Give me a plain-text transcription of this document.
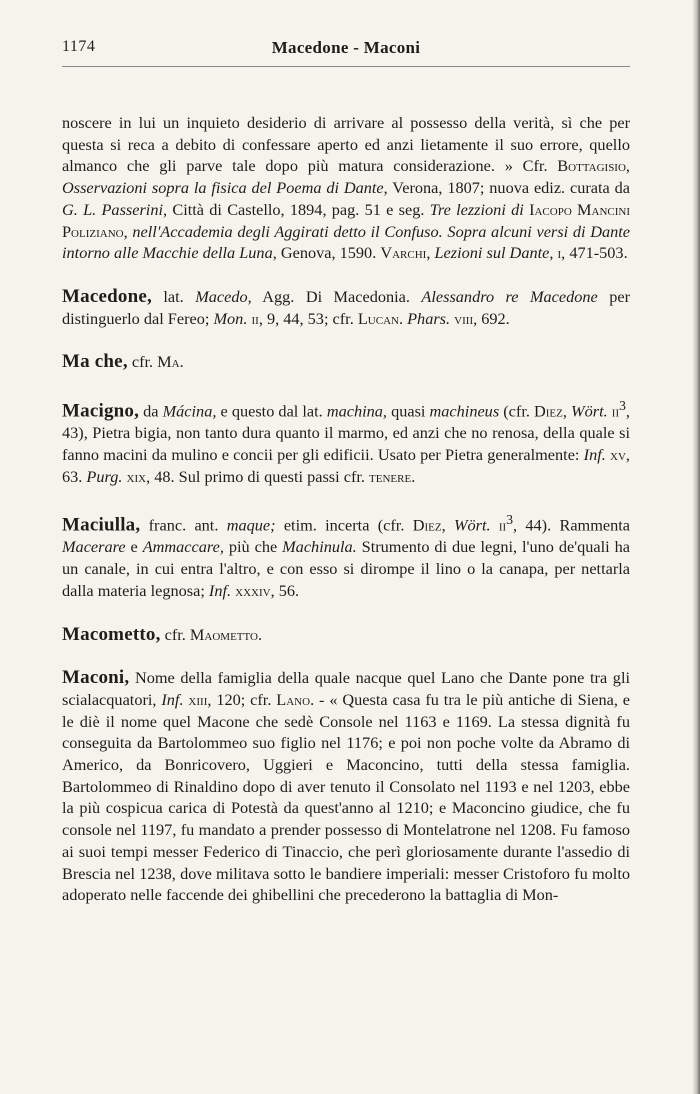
1174	Macedone - Maconi

noscere in lui un inquieto desiderio di arrivare al possesso della verità, sì che per questa si reca a debito di confessare aperto ed anzi lietamente il suo errore, quello almanco che gli parve tale dopo più matura considerazione. » Cfr. Bottagisio, Osservazioni sopra la fisica del Poema di Dante, Verona, 1807; nuova ediz. curata da G. L. Passerini, Città di Castello, 1894, pag. 51 e seg. Tre lezzioni di Iacopo Mancini Poliziano, nell'Accademia degli Aggirati detto il Confuso. Sopra alcuni versi di Dante intorno alle Macchie della Luna, Genova, 1590. Varchi, Lezioni sul Dante, i, 471-503.

Macedone, lat. Macedo, Agg. Di Macedonia. Alessandro re Macedone per distinguerlo dal Fereo; Mon. ii, 9, 44, 53; cfr. Lucan. Phars. viii, 692.

Ma che, cfr. Ma.

Macigno, da Mácina, e questo dal lat. machina, quasi machineus (cfr. Diez, Wört. $ii^3$, 43), Pietra bigia, non tanto dura quanto il marmo, ed anzi che no renosa, della quale si fanno macini da mulino e concii per gli edificii. Usato per Pietra generalmente: Inf. xv, 63. Purg. xix, 48. Sul primo di questi passi cfr. tenere.

Maciulla, franc. ant. maque; etim. incerta (cfr. Diez, Wört. $ii^3$, 44). Rammenta Macerare e Ammaccare, più che Machinula. Strumento di due legni, l'uno de'quali ha un canale, in cui entra l'altro, e con esso si dirompe il lino o la canapa, per nettarla dalla materia legnosa; Inf. xxxiv, 56.

Macometto, cfr. Maometto.

Maconi, Nome della famiglia della quale nacque quel Lano che Dante pone tra gli scialacquatori, Inf. xiii, 120; cfr. Lano. - « Questa casa fu tra le più antiche di Siena, e le diè il nome quel Macone che sedè Console nel 1163 e 1169. La stessa dignità fu conseguita da Bartolommeo suo figlio nel 1176; e poi non poche volte da Abramo di Americo, da Bonricovero, Uggieri e Maconcino, tutti della stessa famiglia. Bartolommeo di Rinaldino dopo di aver tenuto il Consolato nel 1193 e nel 1203, ebbe la più cospicua carica di Potestà da quest'anno al 1210; e Maconcino giudice, che fu console nel 1197, fu mandato a prender possesso di Montelatrone nel 1208. Fu famoso ai suoi tempi messer Federico di Tinaccio, che perì gloriosamente durante l'assedio di Brescia nel 1238, dove militava sotto le bandiere imperiali: messer Cristoforo fu molto adoperato nelle faccende dei ghibellini che precederono la battaglia di Mon-
